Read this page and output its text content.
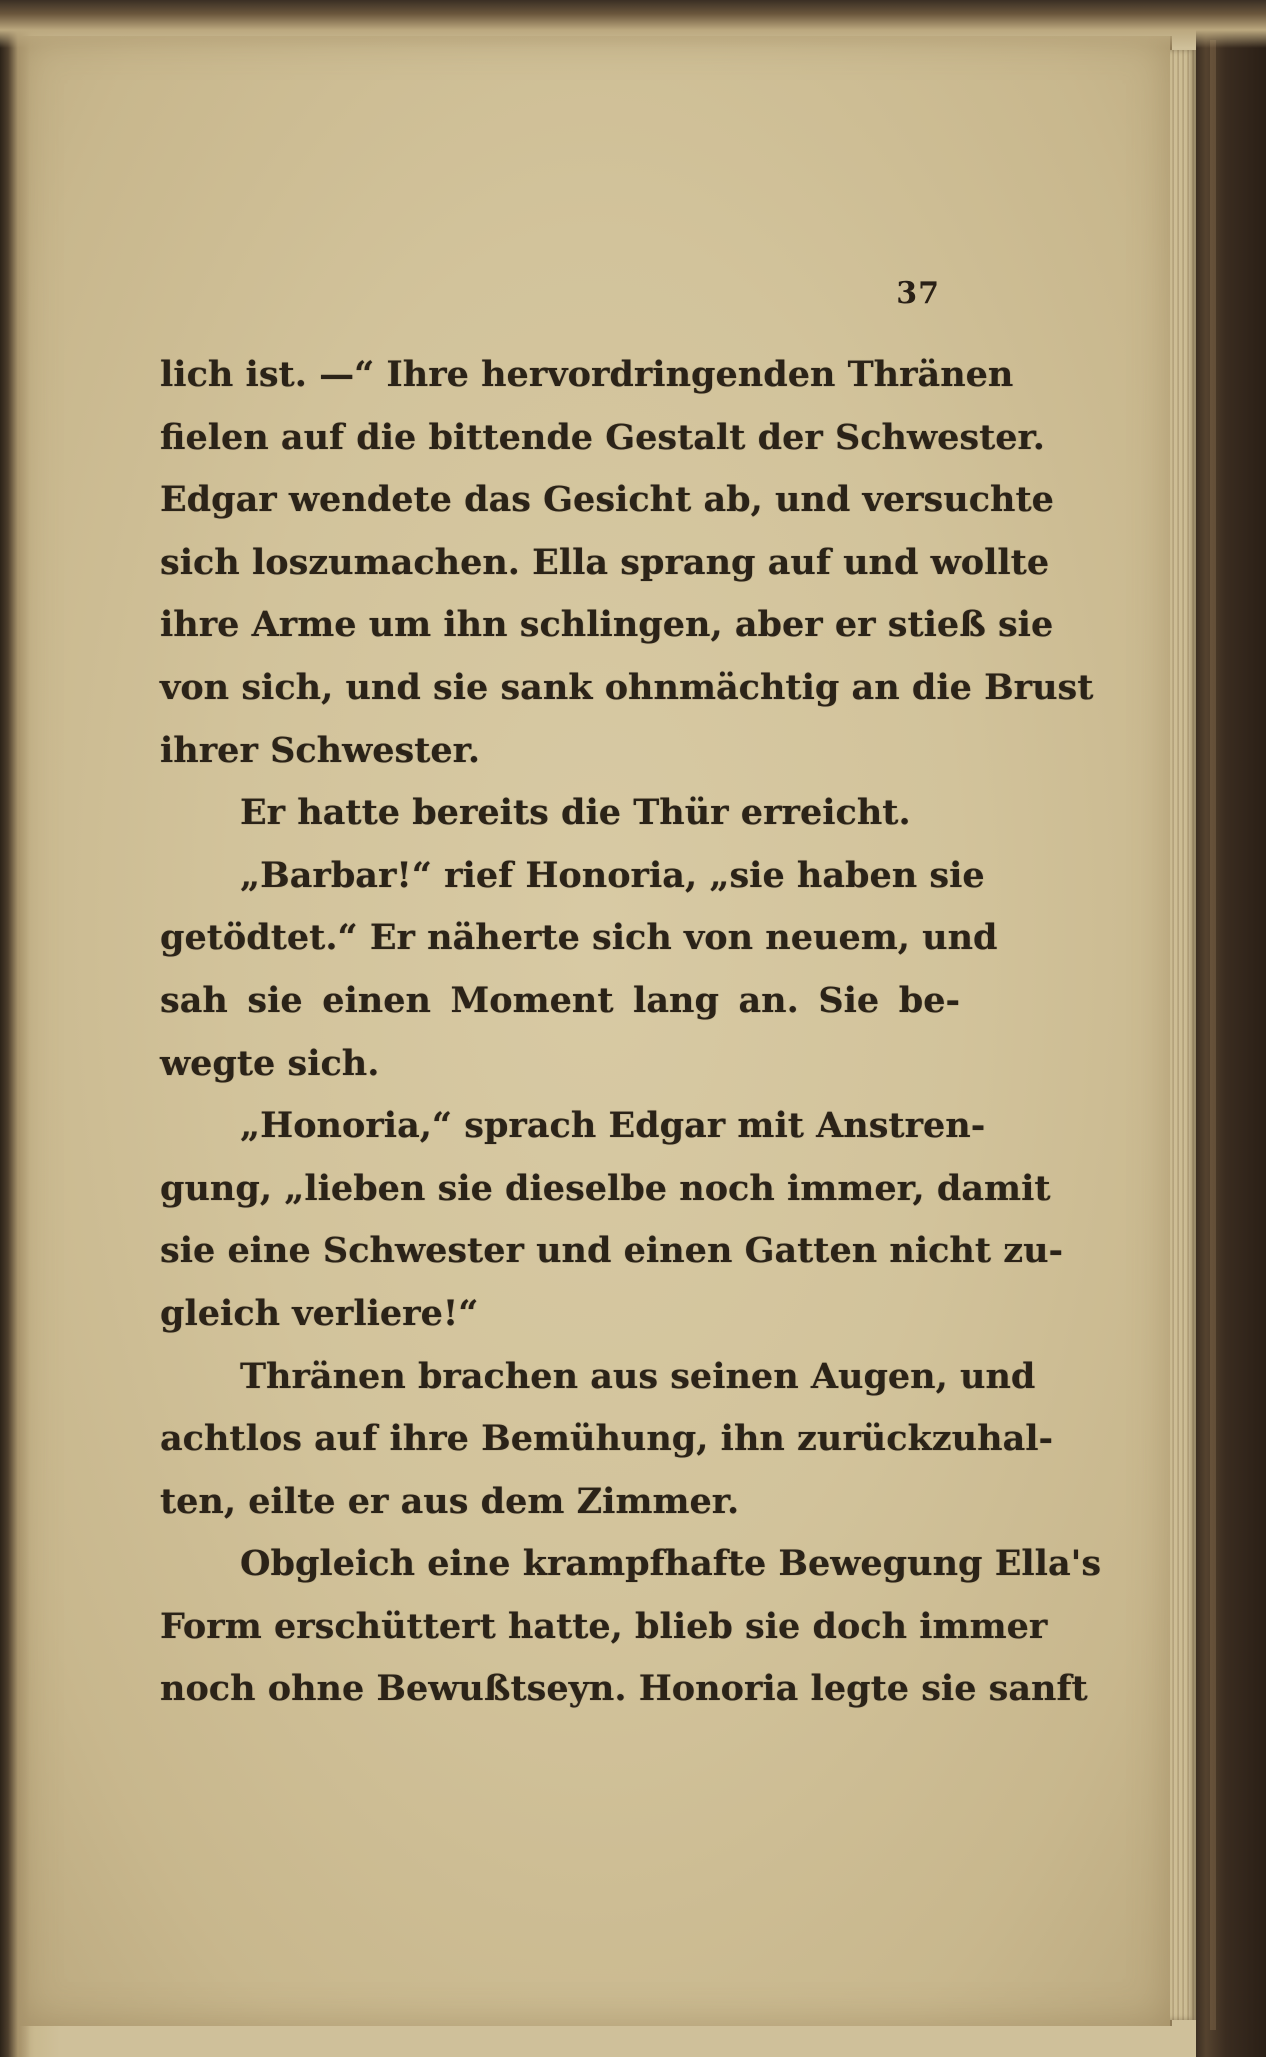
37
lich ist. —“ Ihre hervordringenden Thränen
fielen auf die bittende Gestalt der Schwester.
Edgar wendete das Gesicht ab, und versuchte
sich loszumachen. Ella sprang auf und wollte
ihre Arme um ihn schlingen, aber er stieß sie
von sich, und sie sank ohnmächtig an die Brust
ihrer Schwester.
Er hatte bereits die Thür erreicht.
„Barbar!“ rief Honoria, „sie haben sie
getödtet.“ Er näherte sich von neuem, und
sah sie einen Moment lang an. Sie be-
wegte sich.
„Honoria,“ sprach Edgar mit Anstren-
gung, „lieben sie dieselbe noch immer, damit
sie eine Schwester und einen Gatten nicht zu-
gleich verliere!“
Thränen brachen aus seinen Augen, und
achtlos auf ihre Bemühung, ihn zurückzuhal-
ten, eilte er aus dem Zimmer.
Obgleich eine krampfhafte Bewegung Ella's
Form erschüttert hatte, blieb sie doch immer
noch ohne Bewußtseyn. Honoria legte sie sanft
